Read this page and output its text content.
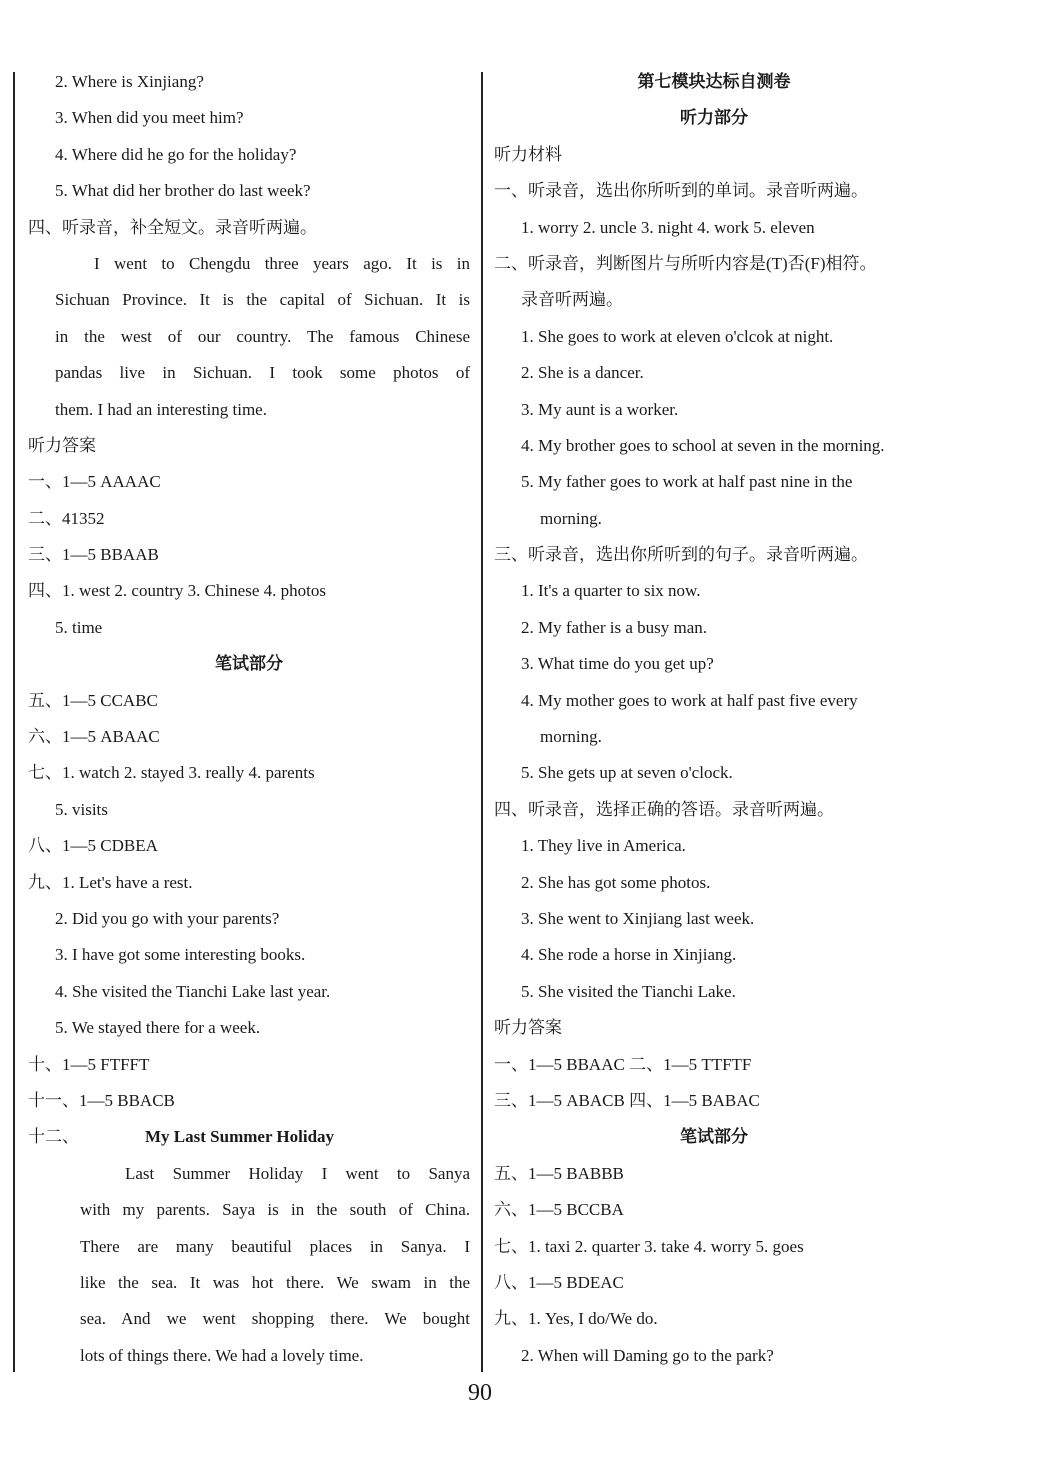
2. Where is Xinjiang?
3. When did you meet him?
4. Where did he go for the holiday?
5. What did her brother do last week?
四、听录音，补全短文。录音听两遍。
I went to Chengdu three years ago. It is in
Sichuan Province. It is the capital of Sichuan. It is
in the west of our country. The famous Chinese
pandas live in Sichuan. I took some photos of
them. I had an interesting time.
听力答案
一、1—5 AAAAC
二、41352
三、1—5 BBAAB
四、1. west 2. country 3. Chinese 4. photos
5. time
笔试部分
五、1—5 CCABC
六、1—5 ABAAC
七、1. watch 2. stayed 3. really 4. parents
5. visits
八、1—5 CDBEA
九、1. Let's have a rest.
2. Did you go with your parents?
3. I have got some interesting books.
4. She visited the Tianchi Lake last year.
5. We stayed there for a week.
十、1—5 FTFFT
十一、1—5 BBACB
十二、	My Last Summer Holiday
Last Summer Holiday I went to Sanya
with my parents. Saya is in the south of China.
There are many beautiful places in Sanya. I
like the sea. It was hot there. We swam in the
sea. And we went shopping there. We bought
lots of things there. We had a lovely time.
第七模块达标自测卷
听力部分
听力材料
一、听录音，选出你所听到的单词。录音听两遍。
1. worry 2. uncle 3. night 4. work 5. eleven
二、听录音，判断图片与所听内容是(T)否(F)相符。
录音听两遍。
1. She goes to work at eleven o'clcok at night.
2. She is a dancer.
3. My aunt is a worker.
4. My brother goes to school at seven in the morning.
5. My father goes to work at half past nine in the
morning.
三、听录音，选出你所听到的句子。录音听两遍。
1. It's a quarter to six now.
2. My father is a busy man.
3. What time do you get up?
4. My mother goes to work at half past five every
morning.
5. She gets up at seven o'clock.
四、听录音，选择正确的答语。录音听两遍。
1. They live in America.
2. She has got some photos.
3. She went to Xinjiang last week.
4. She rode a horse in Xinjiang.
5. She visited the Tianchi Lake.
听力答案
一、1—5 BBAAC 二、1—5 TTFTF
三、1—5 ABACB 四、1—5 BABAC
笔试部分
五、1—5 BABBB
六、1—5 BCCBA
七、1. taxi 2. quarter 3. take 4. worry 5. goes
八、1—5 BDEAC
九、1. Yes, I do/We do.
2. When will Daming go to the park?
90
